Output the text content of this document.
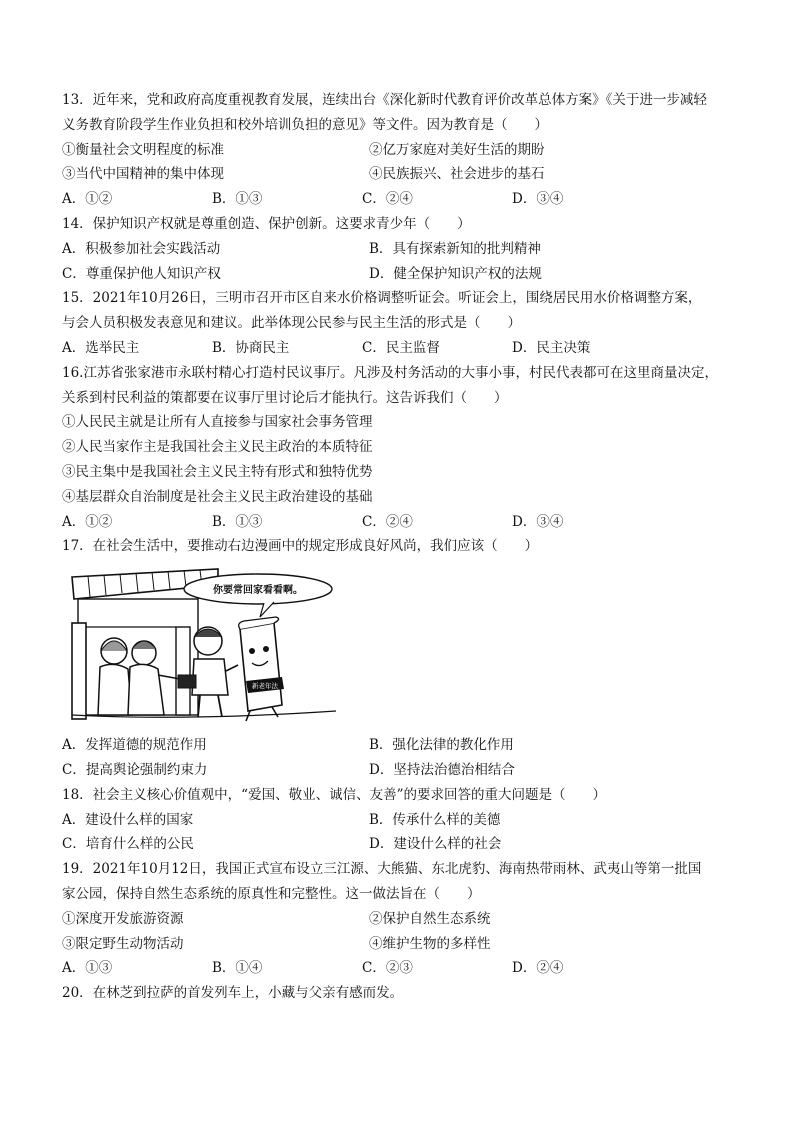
13．近年来，党和政府高度重视教育发展，连续出台《深化新时代教育评价改革总体方案》《关于进一步减轻
义务教育阶段学生作业负担和校外培训负担的意见》等文件。因为教育是（　　）
①衡量社会文明程度的标准	②亿万家庭对美好生活的期盼
③当代中国精神的集中体现	④民族振兴、社会进步的基石
A．①②	B．①③	C．②④	D．③④
14．保护知识产权就是尊重创造、保护创新。这要求青少年（　　）
A．积极参加社会实践活动	B．具有探索新知的批判精神
C．尊重保护他人知识产权	D．健全保护知识产权的法规
15．2021年10月26日，三明市召开市区自来水价格调整听证会。听证会上，围绕居民用水价格调整方案，
与会人员积极发表意见和建议。此举体现公民参与民主生活的形式是（　　）
A．选举民主	B．协商民主	C．民主监督	D．民主决策
16.江苏省张家港市永联村精心打造村民议事厅。凡涉及村务活动的大事小事，村民代表都可在这里商量决定，
关系到村民利益的策都要在议事厅里讨论后才能执行。这告诉我们（　　）
①人民民主就是让所有人直接参与国家社会事务管理
②人民当家作主是我国社会主义民主政治的本质特征
③民主集中是我国社会主义民主特有形式和独特优势
④基层群众自治制度是社会主义民主政治建设的基础
A．①②	B．①③	C．②④	D．③④
17．在社会生活中，要推动右边漫画中的规定形成良好风尚，我们应该（　　）
新老年法
你要常回家看看啊。
A．发挥道德的规范作用	B．强化法律的教化作用
C．提高舆论强制约束力	D．坚持法治德治相结合
18．社会主义核心价值观中，“爱国、敬业、诚信、友善”的要求回答的重大问题是（　　）
A．建设什么样的国家	B．传承什么样的美德
C．培育什么样的公民	D．建设什么样的社会
19．2021年10月12日，我国正式宣布设立三江源、大熊猫、东北虎豹、海南热带雨林、武夷山等第一批国
家公园，保持自然生态系统的原真性和完整性。这一做法旨在（　　）
①深度开发旅游资源	②保护自然生态系统
③限定野生动物活动	④维护生物的多样性
A．①③	B．①④	C．②③	D．②④
20．在林芝到拉萨的首发列车上，小藏与父亲有感而发。
